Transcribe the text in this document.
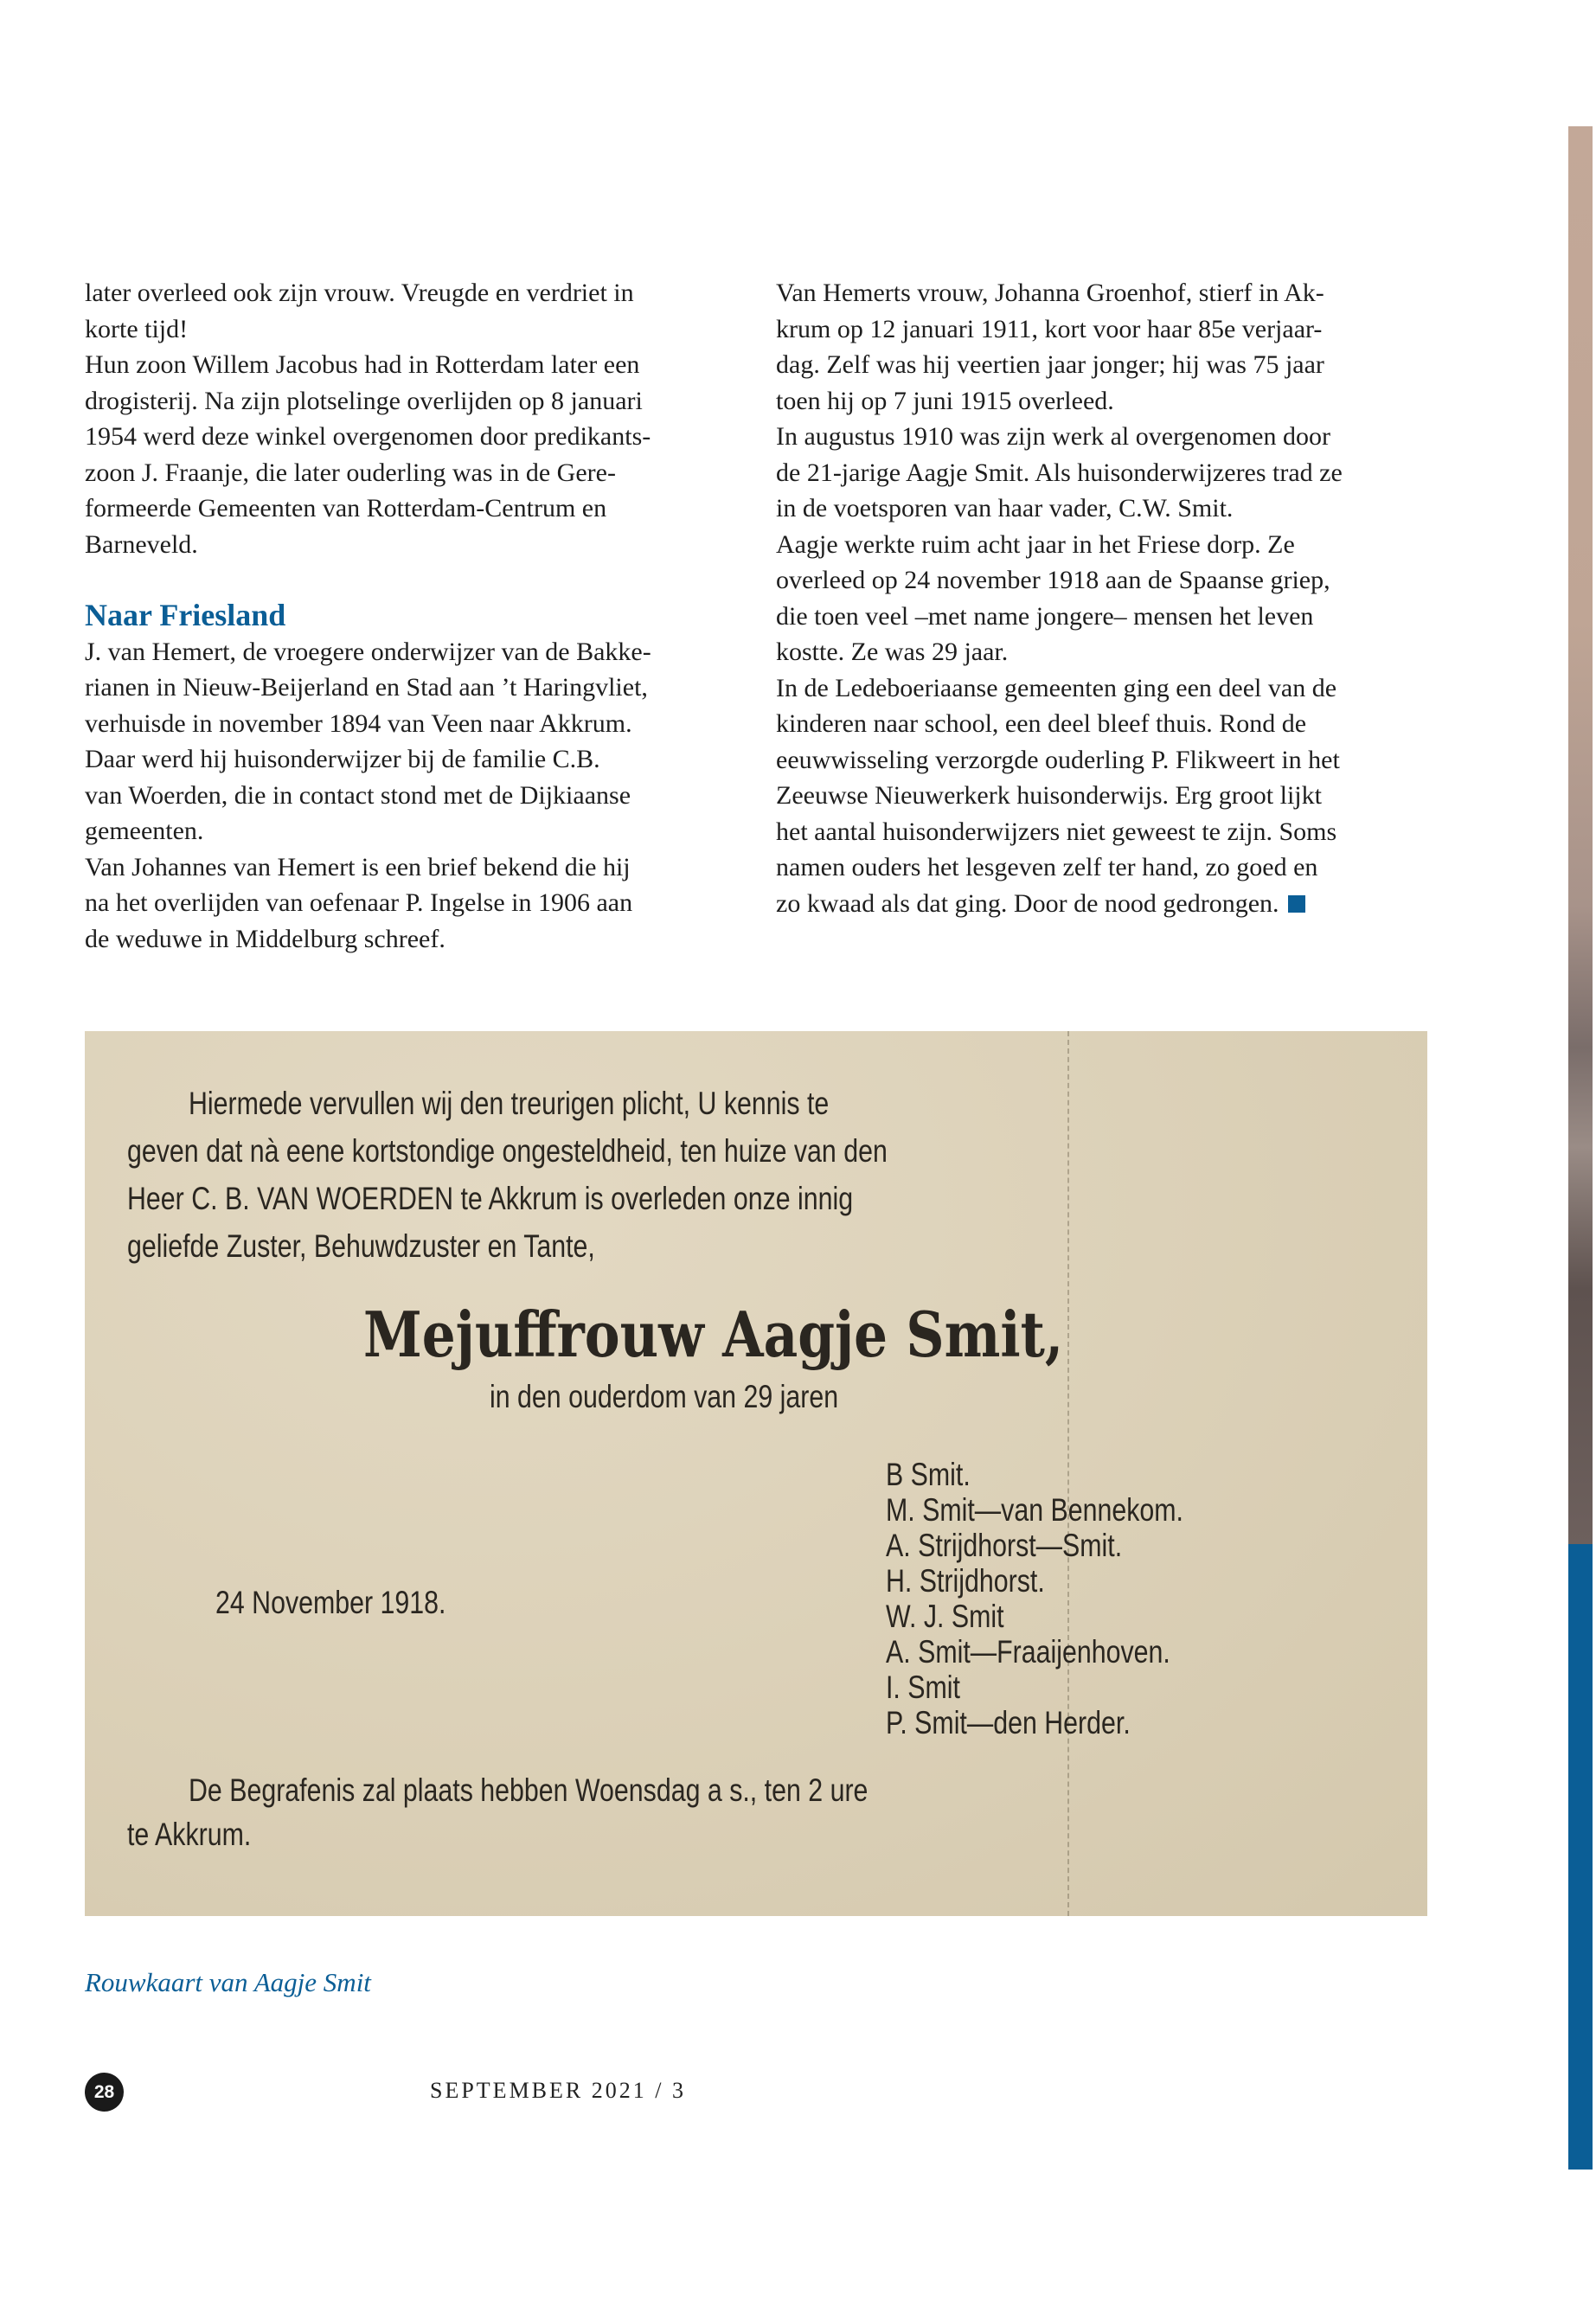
later overleed ook zijn vrouw. Vreugde en verdriet in
korte tijd!
Hun zoon Willem Jacobus had in Rotterdam later een
drogisterij. Na zijn plotselinge overlijden op 8 januari
1954 werd deze winkel overgenomen door predikants-
zoon J. Fraanje, die later ouderling was in de Gere-
formeerde Gemeenten van Rotterdam-Centrum en
Barneveld.
Naar Friesland
J. van Hemert, de vroegere onderwijzer van de Bakke-
rianen in Nieuw-Beijerland en Stad aan ’t Haringvliet,
verhuisde in november 1894 van Veen naar Akkrum.
Daar werd hij huisonderwijzer bij de familie C.B.
van Woerden, die in contact stond met de Dijkiaanse
gemeenten.
Van Johannes van Hemert is een brief bekend die hij
na het overlijden van oefenaar P. Ingelse in 1906 aan
de weduwe in Middelburg schreef.
Van Hemerts vrouw, Johanna Groenhof, stierf in Ak-
krum op 12 januari 1911, kort voor haar 85e verjaar-
dag. Zelf was hij veertien jaar jonger; hij was 75 jaar
toen hij op 7 juni 1915 overleed.
In augustus 1910 was zijn werk al overgenomen door
de 21-jarige Aagje Smit. Als huisonderwijzeres trad ze
in de voetsporen van haar vader, C.W. Smit.
Aagje werkte ruim acht jaar in het Friese dorp. Ze
overleed op 24 november 1918 aan de Spaanse griep,
die toen veel –met name jongere– mensen het leven
kostte. Ze was 29 jaar.
In de Ledeboeriaanse gemeenten ging een deel van de
kinderen naar school, een deel bleef thuis. Rond de
eeuwwisseling verzorgde ouderling P. Flikweert in het
Zeeuwse Nieuwerkerk huisonderwijs. Erg groot lijkt
het aantal huisonderwijzers niet geweest te zijn. Soms
namen ouders het lesgeven zelf ter hand, zo goed en
zo kwaad als dat ging. Door de nood gedrongen.
Hiermede vervullen wij den treurigen plicht, U kennis te
geven dat nà eene kortstondige ongesteldheid, ten huize van den
Heer C. B. VAN WOERDEN te Akkrum is overleden onze innig
geliefde Zuster, Behuwdzuster en Tante,
Mejuffrouw Aagje Smit,
in den ouderdom van 29 jaren
B Smit.
M. Smit—van Bennekom.
A. Strijdhorst—Smit.
H. Strijdhorst.
W. J. Smit
A. Smit—Fraaijenhoven.
I. Smit
P. Smit—den Herder.
24 November 1918.
De Begrafenis zal plaats hebben Woensdag a s., ten 2 ure
te Akkrum.
Rouwkaart van Aagje Smit
28	SEPTEMBER 2021 / 3
